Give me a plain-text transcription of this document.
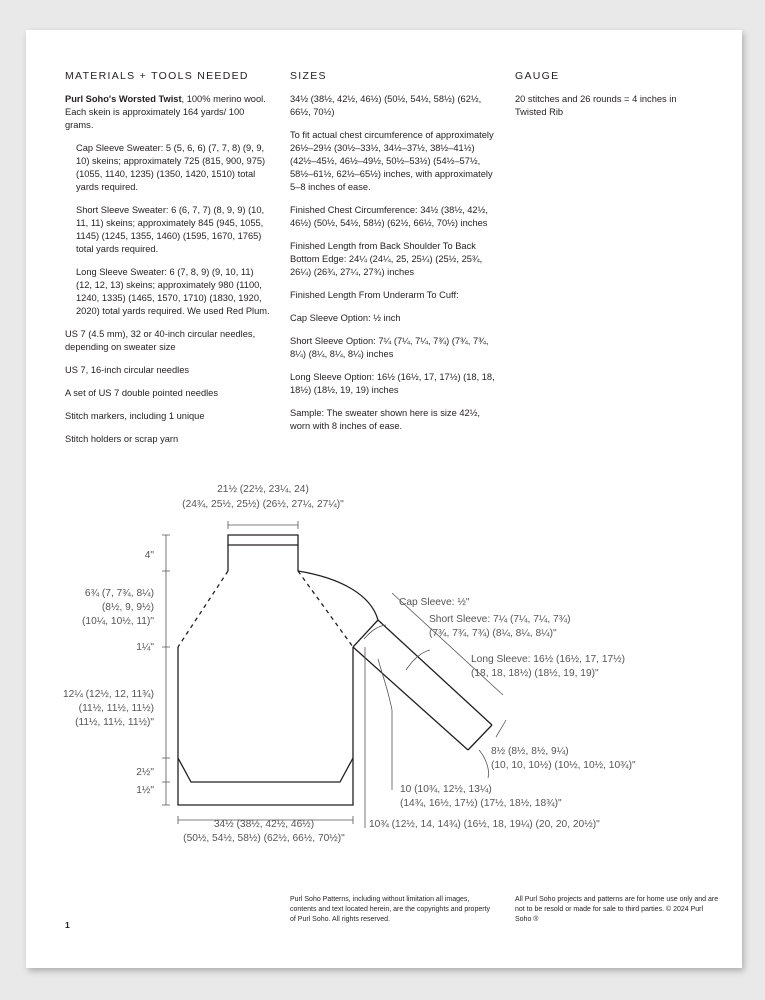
MATERIALS + TOOLS NEEDED

Purl Soho's Worsted Twist, 100% merino wool. Each skein is approximately 164 yards/ 100 grams.

Cap Sleeve Sweater: 5 (5, 6, 6) (7, 7, 8) (9, 9, 10) skeins; approximately 725 (815, 900, 975) (1055, 1140, 1235) (1350, 1420, 1510) total yards required.

Short Sleeve Sweater: 6 (6, 7, 7) (8, 9, 9) (10, 11, 11) skeins; approximately 845 (945, 1055, 1145) (1245, 1355, 1460) (1595, 1670, 1765) total yards required.

Long Sleeve Sweater: 6 (7, 8, 9) (9, 10, 11) (12, 12, 13) skeins; approximately 980 (1100, 1240, 1335) (1465, 1570, 1710) (1830, 1920, 2020) total yards required. We used Red Plum.

US 7 (4.5 mm), 32 or 40-inch circular needles, depending on sweater size

US 7, 16-inch circular needles

A set of US 7 double pointed needles

Stitch markers, including 1 unique

Stitch holders or scrap yarn

SIZES

34½ (38½, 42½, 46½) (50½, 54½, 58½) (62½, 66½, 70½)

To fit actual chest circumference of approximately 26½–29½ (30½–33½, 34½–37½, 38½–41½) (42½–45½, 46½–49½, 50½–53½) (54½–57½, 58½–61½, 62½–65½) inches, with approximately 5–8 inches of ease.

Finished Chest Circumference: 34½ (38½, 42½, 46½) (50½, 54½, 58½) (62½, 66½, 70½) inches

Finished Length from Back Shoulder To Back Bottom Edge: 24¼ (24¼, 25, 25¼) (25½, 25¾, 26¼) (26¾, 27¼, 27¾) inches

Finished Length From Underarm To Cuff:

Cap Sleeve Option: ½ inch

Short Sleeve Option: 7¼ (7¼, 7¼, 7¾) (7¾, 7¾, 8¼) (8¼, 8¼, 8¼) inches

Long Sleeve Option: 16½ (16½, 17, 17½) (18, 18, 18½) (18½, 19, 19) inches

Sample: The sweater shown here is size 42½, worn with 8 inches of ease.

GAUGE

20 stitches and 26 rounds = 4 inches in Twisted Rib

21½ (22½, 23¼, 24)
(24¾, 25½, 25½) (26½, 27¼, 27¼)"
4"
6¾ (7, 7¾, 8¼)
(8½, 9, 9½)
(10¼, 10½, 11)"
1¼"
12¼ (12½, 12, 11¾)
(11½, 11½, 11½)
(11½, 11½, 11½)"
2½"
1½"
34½ (38½, 42½, 46½)
(50½, 54½, 58½) (62½, 66½, 70½)"
Cap Sleeve: ½"
Short Sleeve: 7¼ (7¼, 7¼, 7¾)
(7¾, 7¾, 7¾) (8¼, 8¼, 8¼)"
Long Sleeve: 16½ (16½, 17, 17½)
(18, 18, 18½) (18½, 19, 19)"
8½ (8½, 8½, 9¼)
(10, 10, 10½) (10½, 10½, 10¾)"
10 (10¾, 12½, 13¼)
(14¾, 16½, 17½) (17½, 18½, 18¾)"
10¾ (12½, 14, 14¾) (16½, 18, 19¼) (20, 20, 20½)"
Purl Soho Patterns, including without limitation all images, contents and text located herein, are the copyrights and property of Purl Soho. All rights reserved.
All Purl Soho projects and patterns are for home use only and are not to be resold or made for sale to third parties. © 2024 Purl Soho ®
1
